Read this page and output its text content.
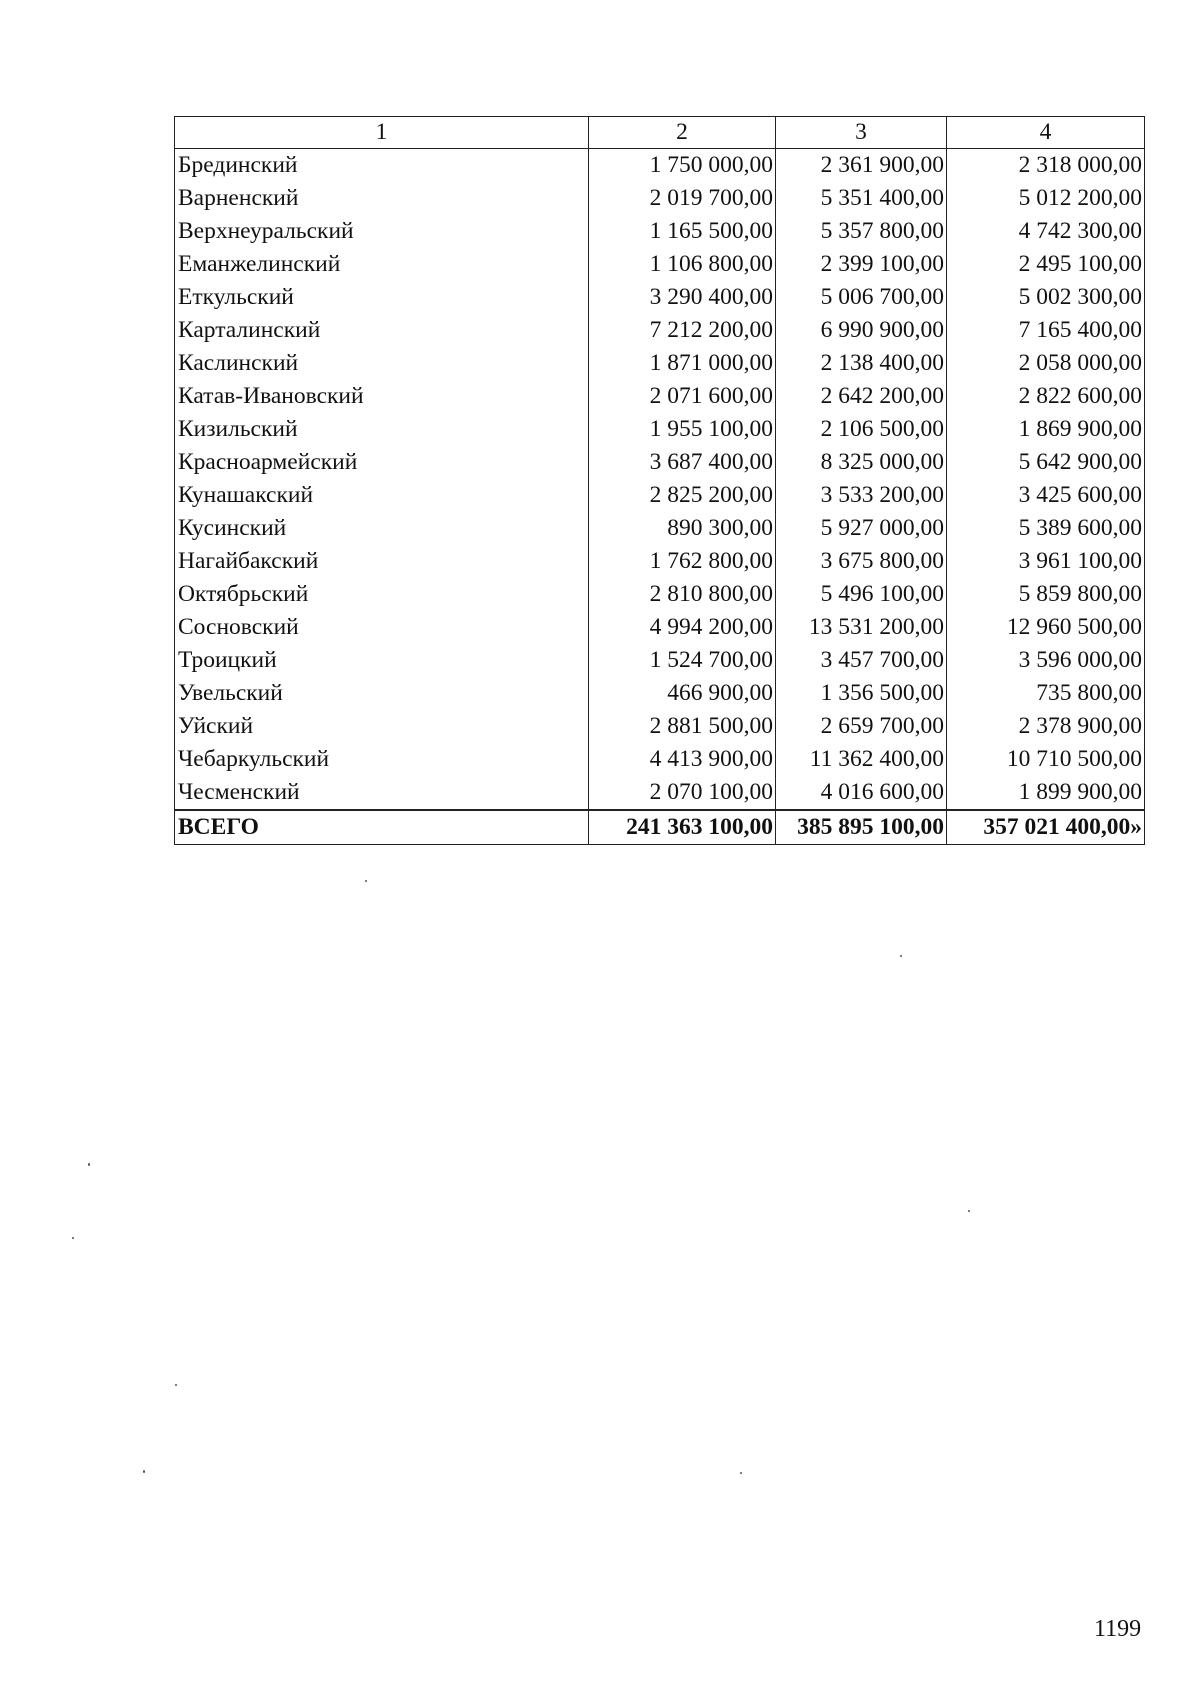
1	2	3	4
Брединский	1 750 000,00	2 361 900,00	2 318 000,00
Варненский	2 019 700,00	5 351 400,00	5 012 200,00
Верхнеуральский	1 165 500,00	5 357 800,00	4 742 300,00
Еманжелинский	1 106 800,00	2 399 100,00	2 495 100,00
Еткульский	3 290 400,00	5 006 700,00	5 002 300,00
Карталинский	7 212 200,00	6 990 900,00	7 165 400,00
Каслинский	1 871 000,00	2 138 400,00	2 058 000,00
Катав-Ивановский	2 071 600,00	2 642 200,00	2 822 600,00
Кизильский	1 955 100,00	2 106 500,00	1 869 900,00
Красноармейский	3 687 400,00	8 325 000,00	5 642 900,00
Кунашакский	2 825 200,00	3 533 200,00	3 425 600,00
Кусинский	890 300,00	5 927 000,00	5 389 600,00
Нагайбакский	1 762 800,00	3 675 800,00	3 961 100,00
Октябрьский	2 810 800,00	5 496 100,00	5 859 800,00
Сосновский	4 994 200,00	13 531 200,00	12 960 500,00
Троицкий	1 524 700,00	3 457 700,00	3 596 000,00
Увельский	466 900,00	1 356 500,00	735 800,00
Уйский	2 881 500,00	2 659 700,00	2 378 900,00
Чебаркульский	4 413 900,00	11 362 400,00	10 710 500,00
Чесменский	2 070 100,00	4 016 600,00	1 899 900,00
ВСЕГО	241 363 100,00	385 895 100,00	357 021 400,00»
1199
